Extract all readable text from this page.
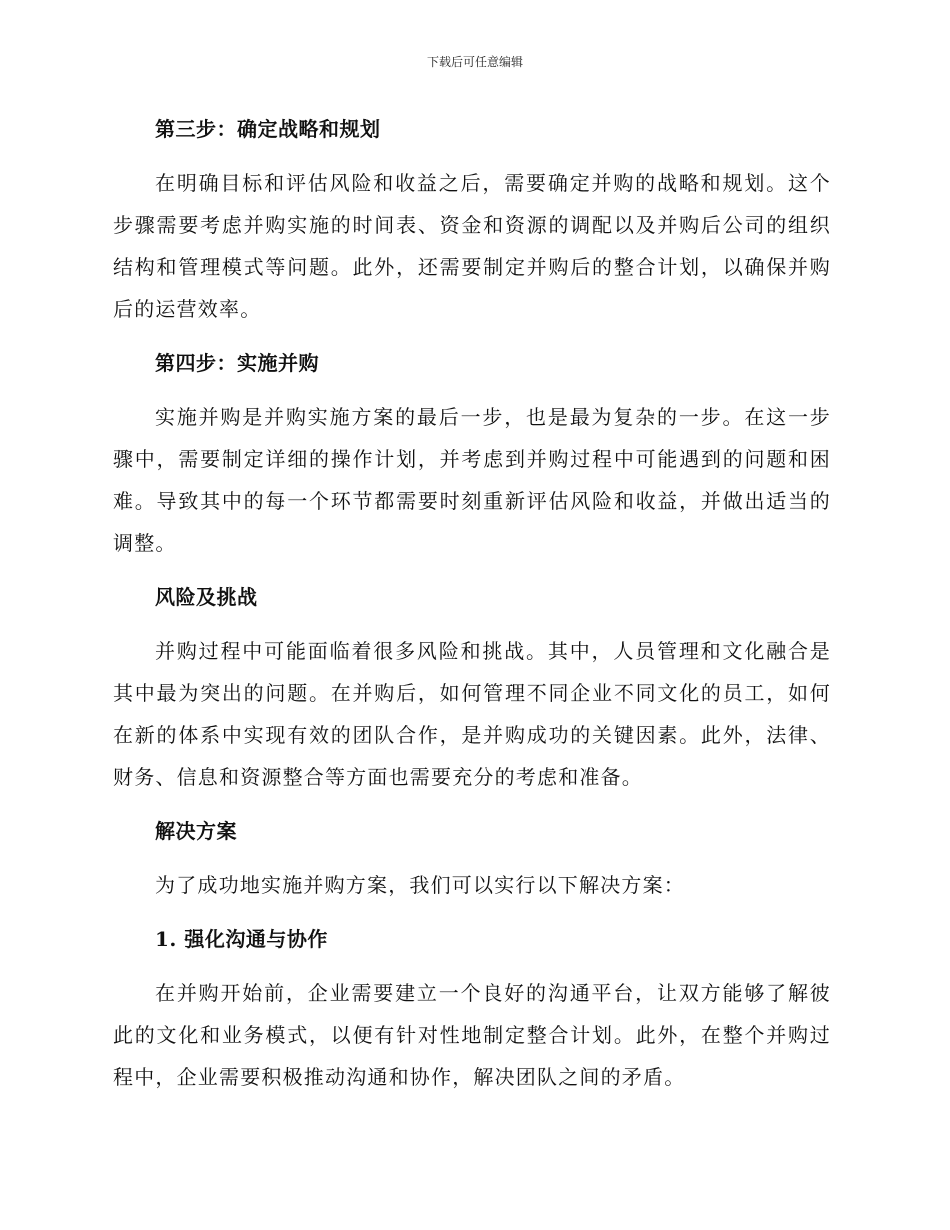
下载后可任意编辑
第三步：确定战略和规划

在明确目标和评估风险和收益之后，需要确定并购的战略和规划。这个步骤需要考虑并购实施的时间表、资金和资源的调配以及并购后公司的组织结构和管理模式等问题。此外，还需要制定并购后的整合计划，以确保并购后的运营效率。

第四步：实施并购

实施并购是并购实施方案的最后一步，也是最为复杂的一步。在这一步骤中，需要制定详细的操作计划，并考虑到并购过程中可能遇到的问题和困难。导致其中的每一个环节都需要时刻重新评估风险和收益，并做出适当的调整。

风险及挑战

并购过程中可能面临着很多风险和挑战。其中，人员管理和文化融合是其中最为突出的问题。在并购后，如何管理不同企业不同文化的员工，如何在新的体系中实现有效的团队合作，是并购成功的关键因素。此外，法律、财务、信息和资源整合等方面也需要充分的考虑和准备。

解决方案

为了成功地实施并购方案，我们可以实行以下解决方案：

1. 强化沟通与协作

在并购开始前，企业需要建立一个良好的沟通平台，让双方能够了解彼此的文化和业务模式，以便有针对性地制定整合计划。此外，在整个并购过程中，企业需要积极推动沟通和协作，解决团队之间的矛盾。
